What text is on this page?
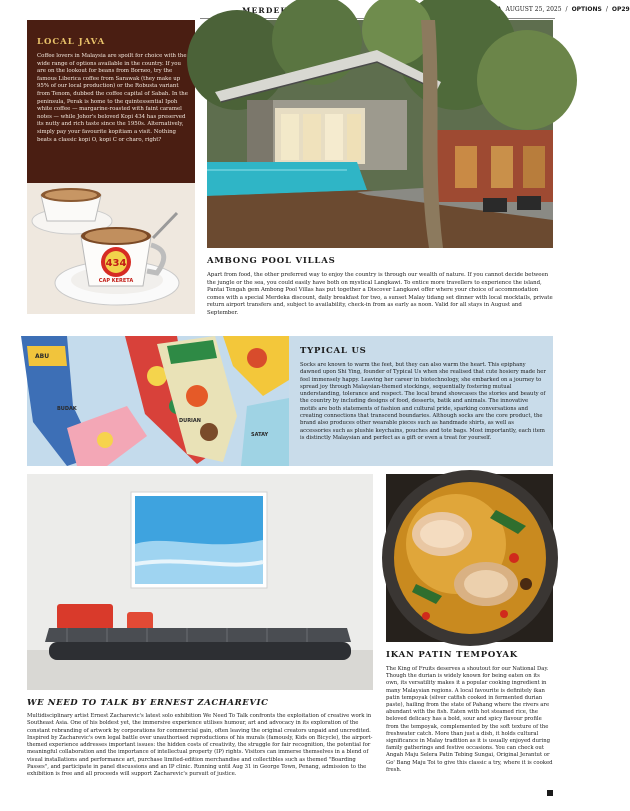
MERDEKA	AUGUST 25, 2025 / OPTIONS / OP29
LOCAL JAVA

Coffee lovers in Malaysia are spoilt for choice with the wide range of options available in the country. If you are on the lookout for beans from Borneo, try the famous Liberica coffee from Sarawak (they make up 95% of our local production) or the Robusta variant from Tenom, dubbed the coffee capital of Sabah. In the peninsula, Perak is home to the quintessential Ipoh white coffee — margarine-roasted with faint caramel notes — while Johor's beloved Kopi 434 has preserved its nutty and rich taste since the 1950s. Alternatively, simply pay your favourite kopitiam a visit. Nothing beats a classic kopi O, kopi C or charo, right?

434
CAP KERETA
AMBONG POOL VILLAS

Apart from food, the other preferred way to enjoy the country is through our wealth of nature. If you cannot decide between the jungle or the sea, you could easily have both on mystical Langkawi. To entice more travellers to experience the island, Pantai Tengah gem Ambong Pool Villas has put together a Discover Langkawi offer where your choice of accommodation comes with a special Merdeka discount, daily breakfast for two, a sunset Malay tidang set dinner with local mocktails, private return airport transfers and, subject to availability, check-in from as early as noon. Valid for all stays in August and September.

ABU
DURIAN
BUDAK
SATAY
TYPICAL US

Socks are known to warm the feet, but they can also warm the heart. This epiphany dawned upon Shi Ying, founder of Typical Us when she realised that cute hosiery made her feel immensely happy. Leaving her career in biotechnology, she embarked on a journey to spread joy through Malaysian-themed stockings, sequentially fostering mutual understanding, tolerance and respect. The local brand showcases the stories and beauty of the country by including designs of food, desserts, batik and animals. The innovative motifs are both statements of fashion and cultural pride, sparking conversations and creating connections that transcend boundaries. Although socks are the core product, the brand also produces other wearable pieces such as handmade shirts, as well as accessories such as plushie keychains, pouches and tote bags. Most importantly, each item is distinctly Malaysian and perfect as a gift or even a treat for yourself.

WE NEED TO TALK BY ERNEST ZACHAREVIC

Multidisciplinary artist Ernest Zacharevic's latest solo exhibition We Need To Talk confronts the exploitation of creative work in Southeast Asia. One of his boldest yet, the immersive experience utilises humour, art and advocacy in its exploration of the constant rebranding of artwork by corporations for commercial gain, often leaving the original creators unpaid and uncredited. Inspired by Zacharevic's own legal battle over unauthorised reproductions of his murals (famously, Kids on Bicycle), the airport-themed experience addresses important issues: the hidden costs of creativity, the struggle for fair recognition, the potential for meaningful collaboration and the importance of intellectual property (IP) rights. Visitors can immerse themselves in a blend of visual installations and performance art, purchase limited-edition merchandise and collectibles such as themed "Boarding Passes", and participate in panel discussions and an IP clinic. Running until Aug 31 in George Town, Penang, admission to the exhibition is free and all proceeds will support Zacharevic's pursuit of justice.

IKAN PATIN TEMPOYAK

The King of Fruits deserves a shoutout for our National Day. Though the durian is widely known for being eaten on its own, its versatility makes it a popular cooking ingredient in many Malaysian regions. A local favourite is definitely ikan patin tempoyak (silver catfish cooked in fermented durian paste), hailing from the state of Pahang where the rivers are abundant with the fish. Eaten with hot steamed rice, the beloved delicacy has a bold, sour and spicy flavour profile from the tempoyak, complemented by the soft texture of the freshwater catch. More than just a dish, it holds cultural significance in Malay tradition as it is usually enjoyed during family gatherings and festive occasions. You can check out Angah Maju Selera Patin Tebing Sungai, Original Jerantut or Go' Bang Maju Toi to give this classic a try, where it is cooked fresh.
